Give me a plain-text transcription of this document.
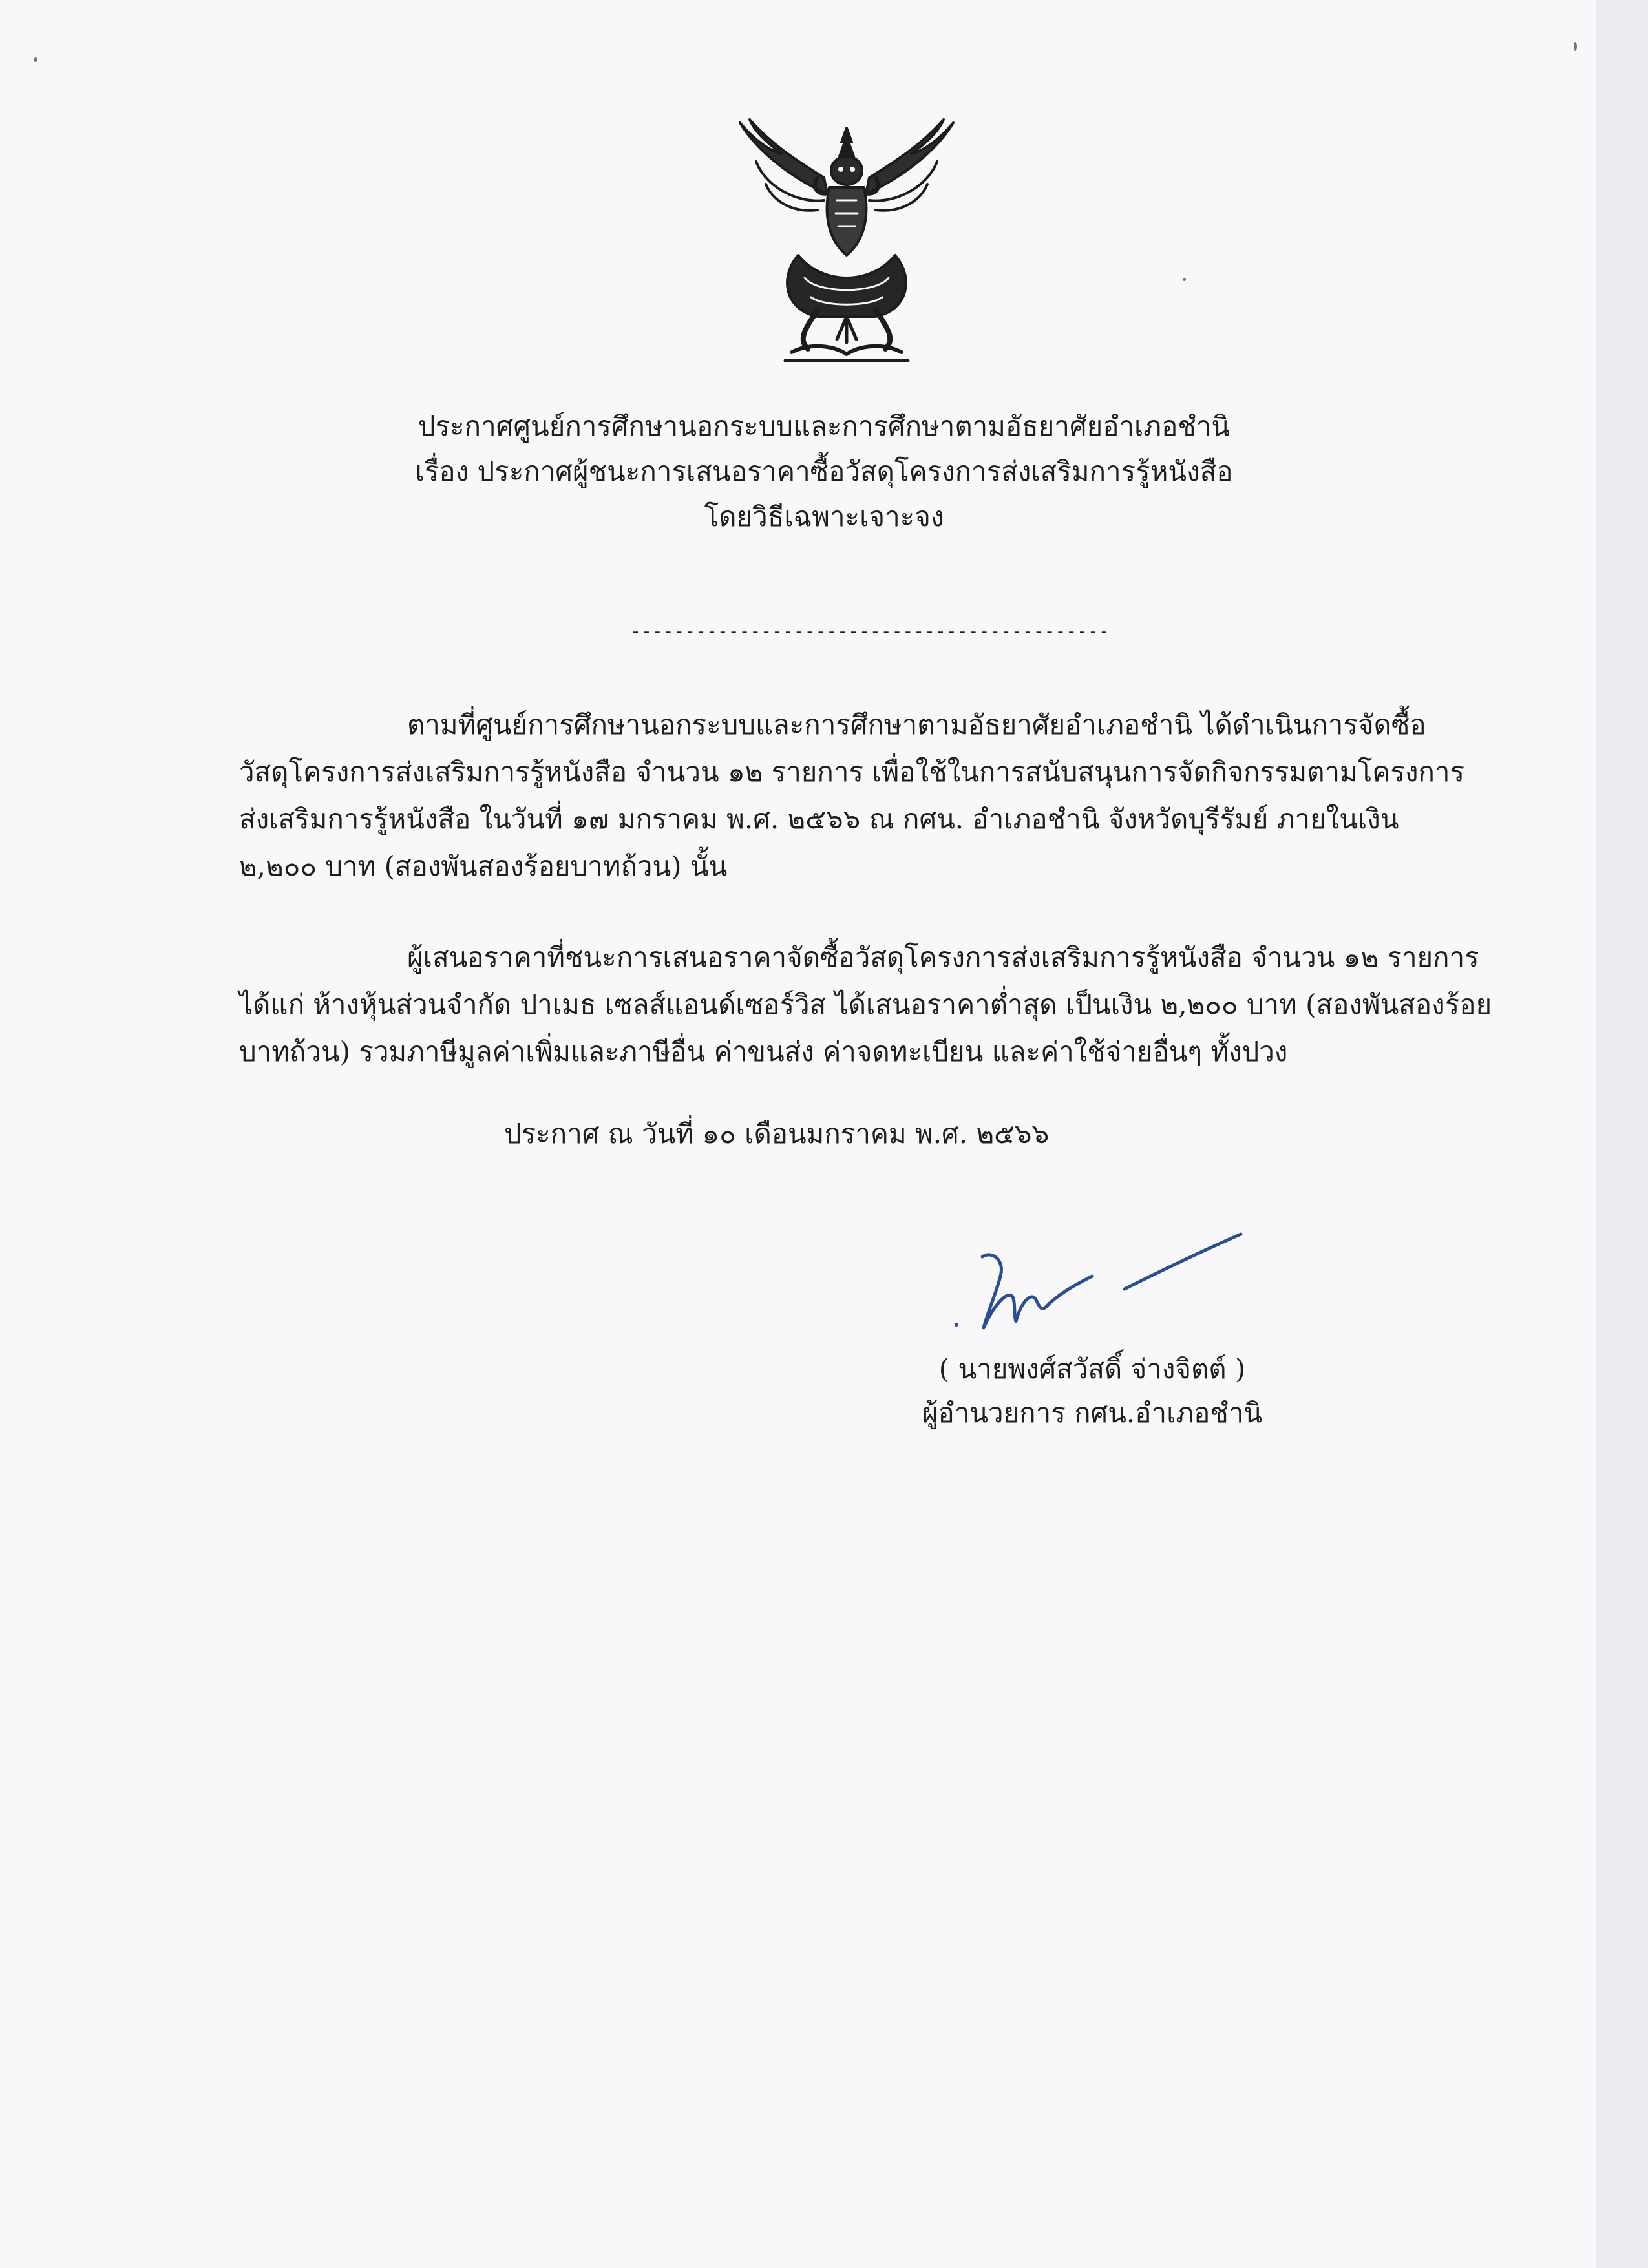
ประกาศศูนย์การศึกษานอกระบบและการศึกษาตามอัธยาศัยอำเภอชำนิ
เรื่อง ประกาศผู้ชนะการเสนอราคาซื้อวัสดุโครงการส่งเสริมการรู้หนังสือ
โดยวิธีเฉพาะเจาะจง
--------------------------------------------
ตามที่ศูนย์การศึกษานอกระบบและการศึกษาตามอัธยาศัยอำเภอชำนิ ได้ดำเนินการจัดซื้อ
วัสดุโครงการส่งเสริมการรู้หนังสือ จำนวน ๑๒ รายการ เพื่อใช้ในการสนับสนุนการจัดกิจกรรมตามโครงการ
ส่งเสริมการรู้หนังสือ ในวันที่ ๑๗ มกราคม พ.ศ. ๒๕๖๖ ณ กศน. อำเภอชำนิ จังหวัดบุรีรัมย์ ภายในเงิน
๒,๒๐๐ บาท (สองพันสองร้อยบาทถ้วน) นั้น
ผู้เสนอราคาที่ชนะการเสนอราคาจัดซื้อวัสดุโครงการส่งเสริมการรู้หนังสือ จำนวน ๑๒ รายการ
ได้แก่ ห้างหุ้นส่วนจำกัด ปาเมธ เซลส์แอนด์เซอร์วิส ได้เสนอราคาต่ำสุด เป็นเงิน ๒,๒๐๐ บาท (สองพันสองร้อย
บาทถ้วน) รวมภาษีมูลค่าเพิ่มและภาษีอื่น ค่าขนส่ง ค่าจดทะเบียน และค่าใช้จ่ายอื่นๆ ทั้งปวง
ประกาศ ณ วันที่ ๑๐ เดือนมกราคม พ.ศ. ๒๕๖๖
( นายพงศ์สวัสดิ์ จ่างจิตต์ )
ผู้อำนวยการ กศน.อำเภอชำนิ
